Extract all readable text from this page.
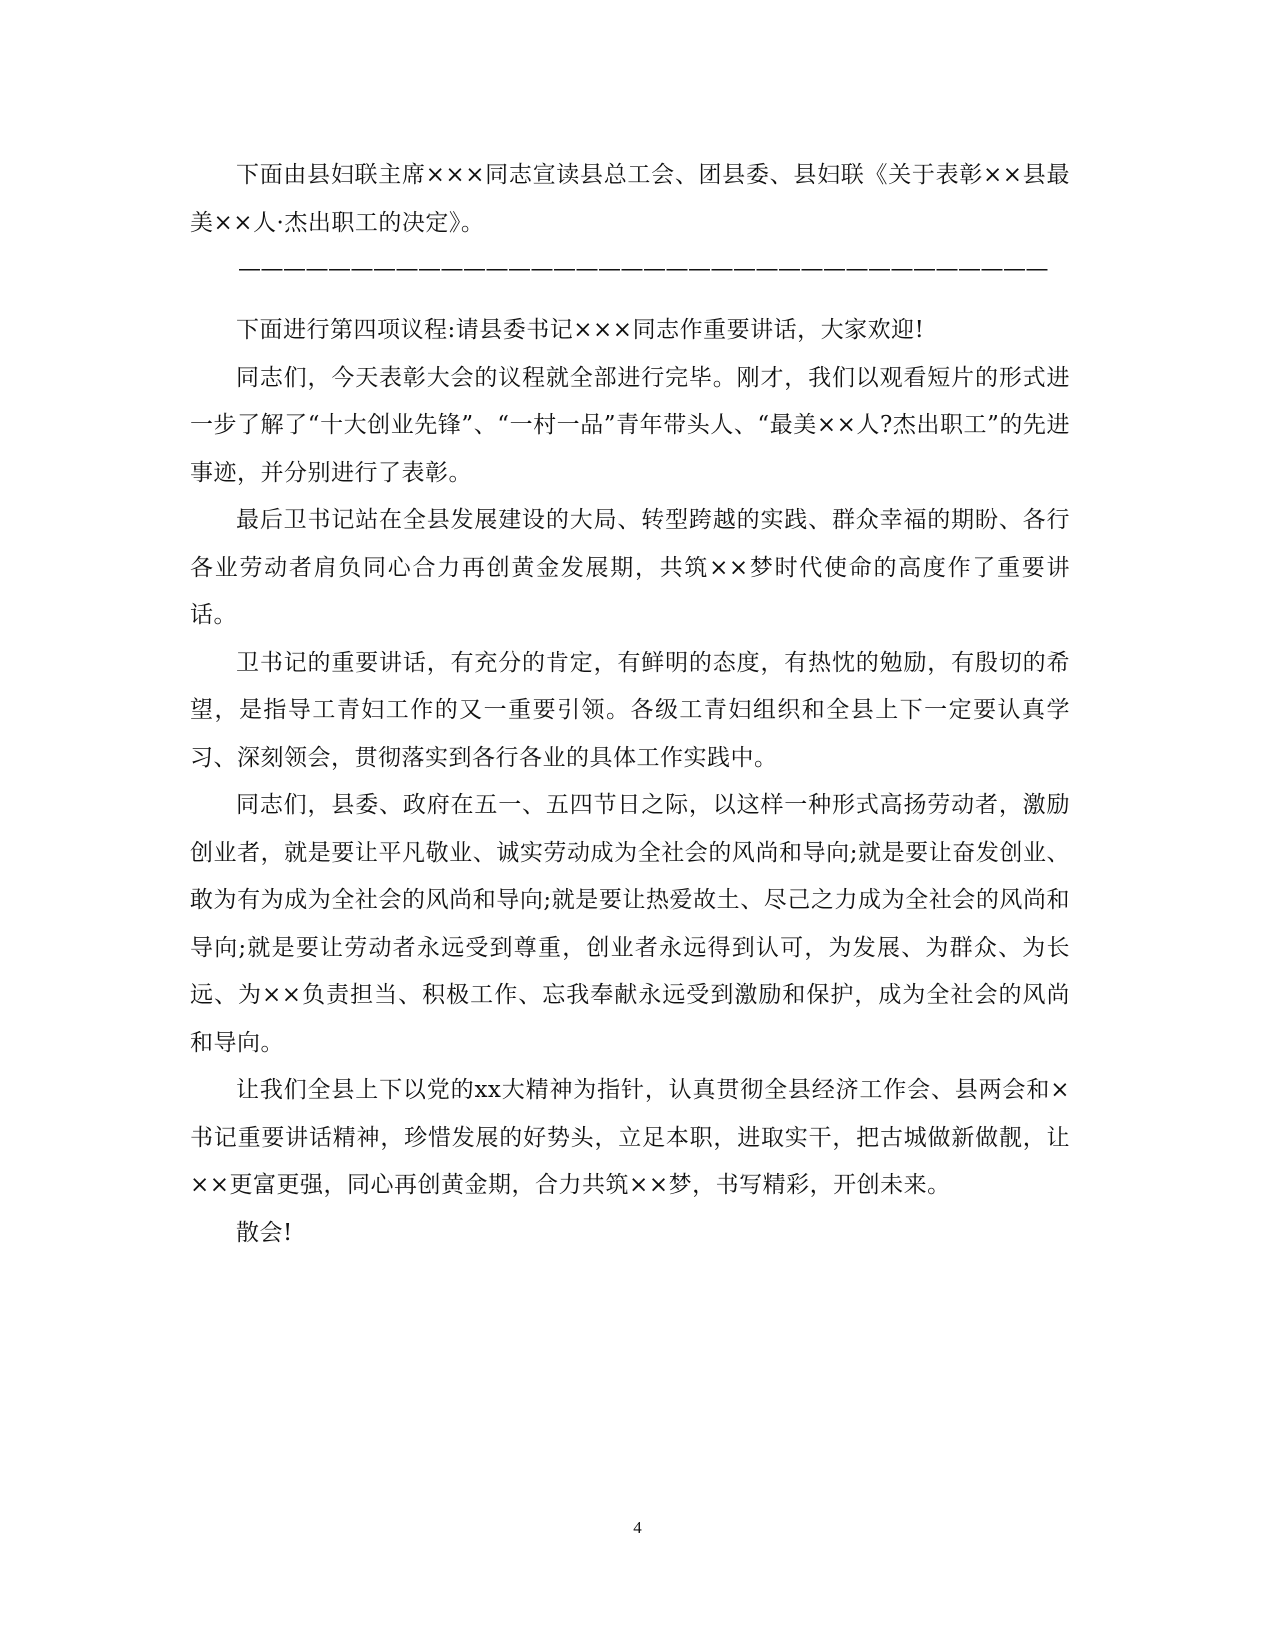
下面由县妇联主席×××同志宣读县总工会、团县委、县妇联《关于表彰××县最美××人·杰出职工的决定》。

————————————————————————————————————

下面进行第四项议程:请县委书记×××同志作重要讲话，大家欢迎!

同志们，今天表彰大会的议程就全部进行完毕。刚才，我们以观看短片的形式进一步了解了“十大创业先锋”、“一村一品”青年带头人、“最美××人?杰出职工”的先进事迹，并分别进行了表彰。

最后卫书记站在全县发展建设的大局、转型跨越的实践、群众幸福的期盼、各行各业劳动者肩负同心合力再创黄金发展期，共筑××梦时代使命的高度作了重要讲话。

卫书记的重要讲话，有充分的肯定，有鲜明的态度，有热忱的勉励，有殷切的希望，是指导工青妇工作的又一重要引领。各级工青妇组织和全县上下一定要认真学习、深刻领会，贯彻落实到各行各业的具体工作实践中。

同志们，县委、政府在五一、五四节日之际，以这样一种形式高扬劳动者，激励创业者，就是要让平凡敬业、诚实劳动成为全社会的风尚和导向;就是要让奋发创业、敢为有为成为全社会的风尚和导向;就是要让热爱故土、尽己之力成为全社会的风尚和导向;就是要让劳动者永远受到尊重，创业者永远得到认可，为发展、为群众、为长远、为××负责担当、积极工作、忘我奉献永远受到激励和保护，成为全社会的风尚和导向。

让我们全县上下以党的xx大精神为指针，认真贯彻全县经济工作会、县两会和×书记重要讲话精神，珍惜发展的好势头，立足本职，进取实干，把古城做新做靓，让××更富更强，同心再创黄金期，合力共筑××梦，书写精彩，开创未来。

散会!

4
